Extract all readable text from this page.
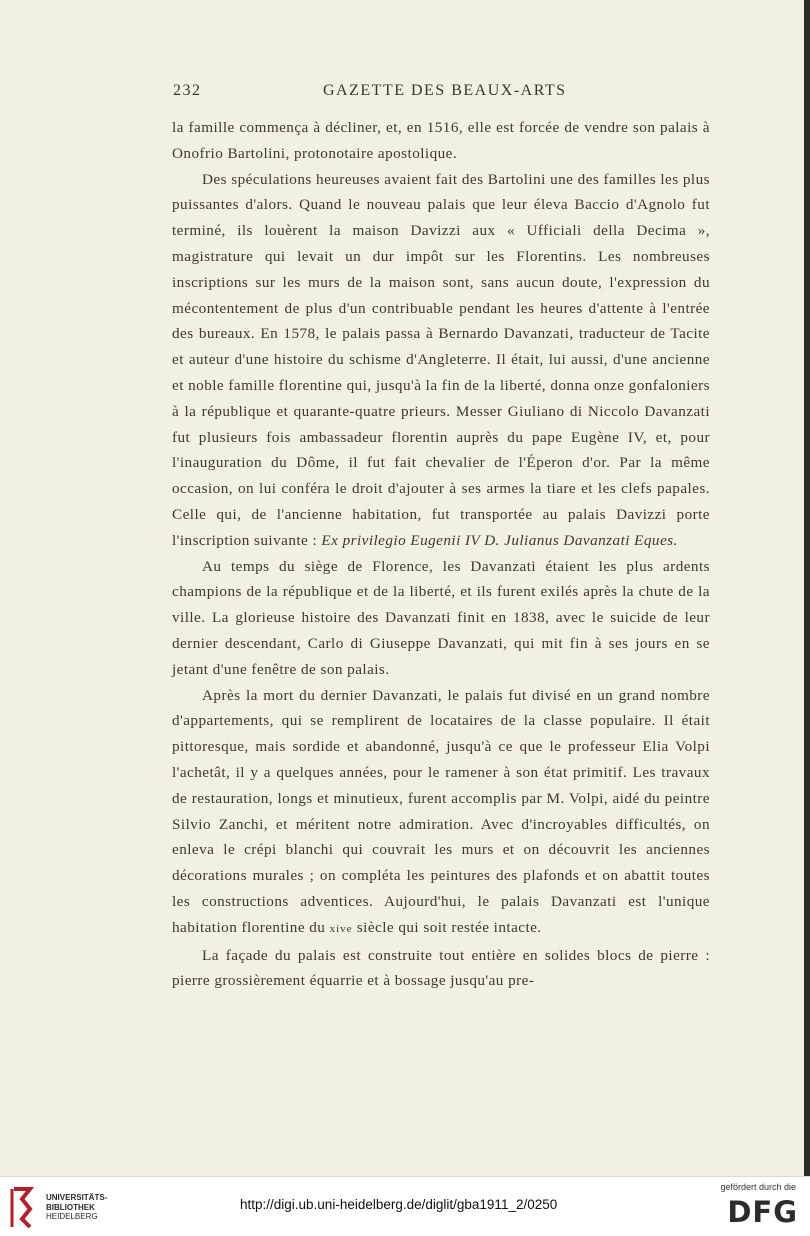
232	GAZETTE DES BEAUX-ARTS

la famille commença à décliner, et, en 1516, elle est forcée de vendre son palais à Onofrio Bartolini, protonotaire apostolique.

Des spéculations heureuses avaient fait des Bartolini une des familles les plus puissantes d'alors. Quand le nouveau palais que leur éleva Baccio d'Agnolo fut terminé, ils louèrent la maison Davizzi aux « Ufficiali della Decima », magistrature qui levait un dur impôt sur les Florentins. Les nombreuses inscriptions sur les murs de la maison sont, sans aucun doute, l'expression du mécontentement de plus d'un contribuable pendant les heures d'attente à l'entrée des bureaux. En 1578, le palais passa à Bernardo Davanzati, traducteur de Tacite et auteur d'une histoire du schisme d'Angleterre. Il était, lui aussi, d'une ancienne et noble famille florentine qui, jusqu'à la fin de la liberté, donna onze gonfaloniers à la république et quarante-quatre prieurs. Messer Giuliano di Niccolo Davanzati fut plusieurs fois ambassadeur florentin auprès du pape Eugène IV, et, pour l'inauguration du Dôme, il fut fait chevalier de l'Éperon d'or. Par la même occasion, on lui conféra le droit d'ajouter à ses armes la tiare et les clefs papales. Celle qui, de l'ancienne habitation, fut transportée au palais Davizzi porte l'inscription suivante : Ex privilegio Eugenii IV D. Julianus Davanzati Eques.

Au temps du siège de Florence, les Davanzati étaient les plus ardents champions de la république et de la liberté, et ils furent exilés après la chute de la ville. La glorieuse histoire des Davanzati finit en 1838, avec le suicide de leur dernier descendant, Carlo di Giuseppe Davanzati, qui mit fin à ses jours en se jetant d'une fenêtre de son palais.

Après la mort du dernier Davanzati, le palais fut divisé en un grand nombre d'appartements, qui se remplirent de locataires de la classe populaire. Il était pittoresque, mais sordide et abandonné, jusqu'à ce que le professeur Elia Volpi l'achetât, il y a quelques années, pour le ramener à son état primitif. Les travaux de restauration, longs et minutieux, furent accomplis par M. Volpi, aidé du peintre Silvio Zanchi, et méritent notre admiration. Avec d'incroyables difficultés, on enleva le crépi blanchi qui couvrait les murs et on découvrit les anciennes décorations murales ; on compléta les peintures des plafonds et on abattit toutes les constructions adventices. Aujourd'hui, le palais Davanzati est l'unique habitation florentine du xive siècle qui soit restée intacte.

La façade du palais est construite tout entière en solides blocs de pierre : pierre grossièrement équarrie et à bossage jusqu'au pre-

UNIVERSITÄTS-
BIBLIOTHEK
HEIDELBERG
http://digi.ub.uni-heidelberg.de/diglit/gba1911_2/0250
gefördert durch die
DFG
